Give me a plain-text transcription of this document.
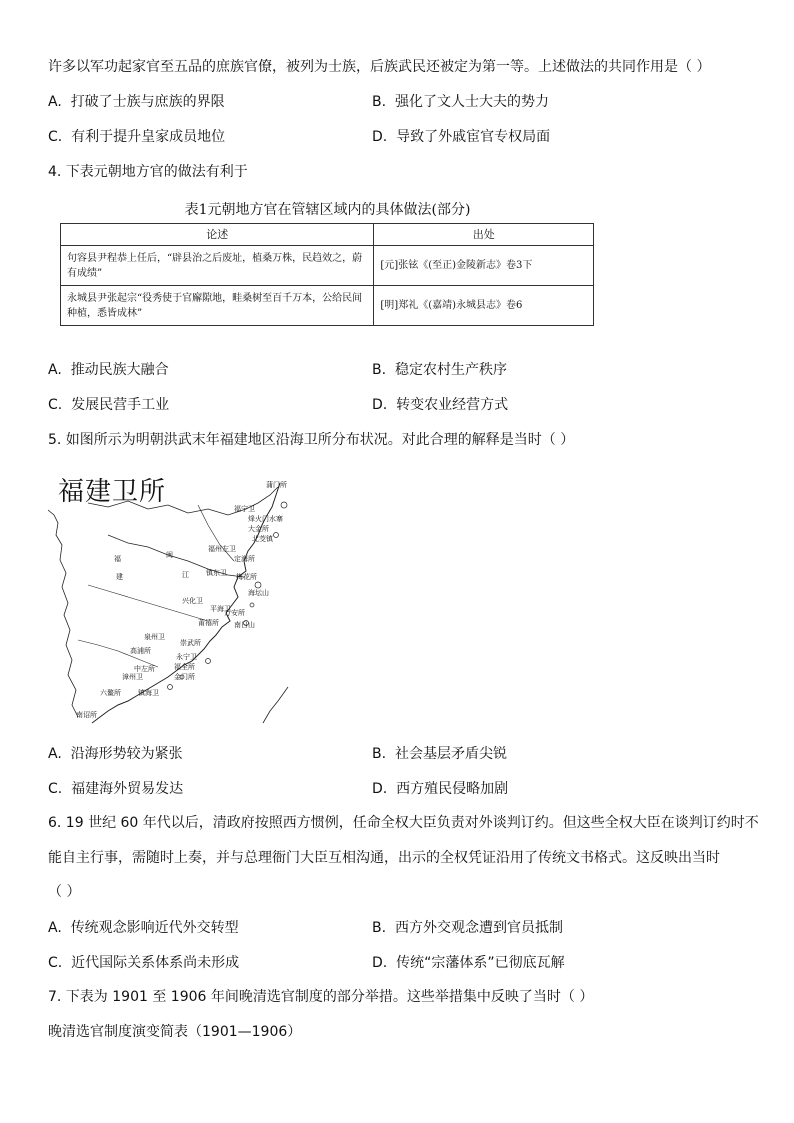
许多以军功起家官至五品的庶族官僚，被列为士族，后族武民还被定为第一等。上述做法的共同作用是（ ）
A. 打破了士族与庶族的界限	B. 强化了文人士大夫的势力
C. 有利于提升皇家成员地位	D. 导致了外戚宦官专权局面
4. 下表元朝地方官的做法有利于
表1元朝地方官在管辖区域内的具体做法(部分)
论述	出处
句容县尹程恭上任后，“辟县治之后废址，植桑万株，民趋效之，蔚有成绩”	[元]张铉《(至正)金陵新志》卷3下
永城县尹张起宗“役秀使于官廨隙地，畦桑树至百千万本，公给民间种植，悉皆成林”	[明]郑礼《(嘉靖)永城县志》卷6
A. 推动民族大融合	B. 稳定农村生产秩序
C. 发展民营手工业	D. 转变农业经营方式
5. 如图所示为明朝洪武末年福建地区沿海卫所分布状况。对此合理的解释是当时（ ）
蒲门所
福宁卫
烽火门水寨
大金所
福州左卫
北茭镇
定海所
梅花所
镇东卫
兴化卫
海坛山
万安所
平海卫
南日山
莆禧所
泉州卫
崇武所
永宁卫
福全所
金门所
高浦所
中左所
漳州卫
六鳌所 镇海卫
南诏所
福
建
闽
江
福建卫所
A. 沿海形势较为紧张	B. 社会基层矛盾尖锐
C. 福建海外贸易发达	D. 西方殖民侵略加剧
6. 19 世纪 60 年代以后，清政府按照西方惯例，任命全权大臣负责对外谈判订约。但这些全权大臣在谈判订约时不
能自主行事，需随时上奏，并与总理衙门大臣互相沟通，出示的全权凭证沿用了传统文书格式。这反映出当时
（ ）
A. 传统观念影响近代外交转型	B. 西方外交观念遭到官员抵制
C. 近代国际关系体系尚未形成	D. 传统“宗藩体系”已彻底瓦解
7. 下表为 1901 至 1906 年间晚清选官制度的部分举措。这些举措集中反映了当时（ ）
晚清选官制度演变简表（1901—1906）
